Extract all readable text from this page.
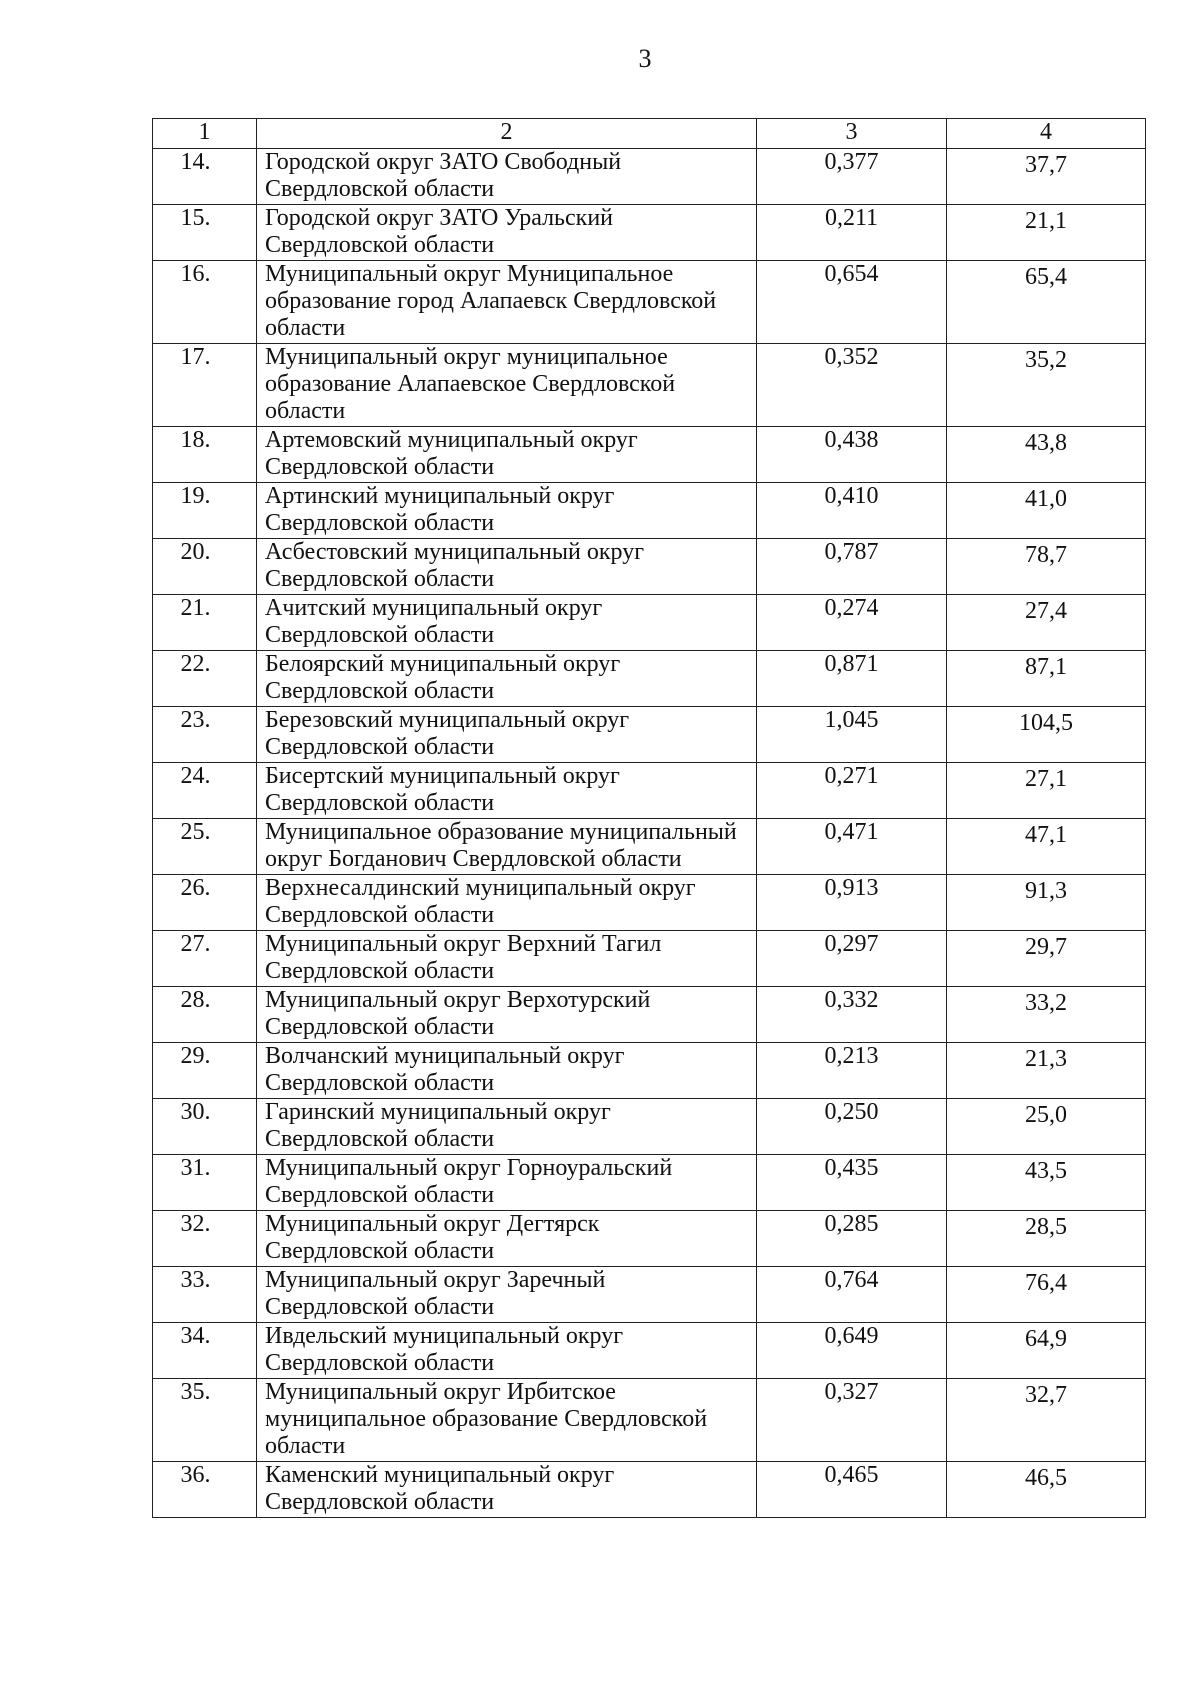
3
1	2	3	4
14.	Городской округ ЗАТО Свободный Свердловской области	0,377	37,7
15.	Городской округ ЗАТО Уральский Свердловской области	0,211	21,1
16.	Муниципальный округ Муниципальное образование город Алапаевск Свердловской области	0,654	65,4
17.	Муниципальный округ муниципальное образование Алапаевское Свердловской области	0,352	35,2
18.	Артемовский муниципальный округ Свердловской области	0,438	43,8
19.	Артинский муниципальный округ Свердловской области	0,410	41,0
20.	Асбестовский муниципальный округ Свердловской области	0,787	78,7
21.	Ачитский муниципальный округ Свердловской области	0,274	27,4
22.	Белоярский муниципальный округ Свердловской области	0,871	87,1
23.	Березовский муниципальный округ Свердловской области	1,045	104,5
24.	Бисертский муниципальный округ Свердловской области	0,271	27,1
25.	Муниципальное образование муниципальный округ Богданович Свердловской области	0,471	47,1
26.	Верхнесалдинский муниципальный округ Свердловской области	0,913	91,3
27.	Муниципальный округ Верхний Тагил Свердловской области	0,297	29,7
28.	Муниципальный округ Верхотурский Свердловской области	0,332	33,2
29.	Волчанский муниципальный округ Свердловской области	0,213	21,3
30.	Гаринский муниципальный округ Свердловской области	0,250	25,0
31.	Муниципальный округ Горноуральский Свердловской области	0,435	43,5
32.	Муниципальный округ Дегтярск Свердловской области	0,285	28,5
33.	Муниципальный округ Заречный Свердловской области	0,764	76,4
34.	Ивдельский муниципальный округ Свердловской области	0,649	64,9
35.	Муниципальный округ Ирбитское муниципальное образование Свердловской области	0,327	32,7
36.	Каменский муниципальный округ Свердловской области	0,465	46,5
